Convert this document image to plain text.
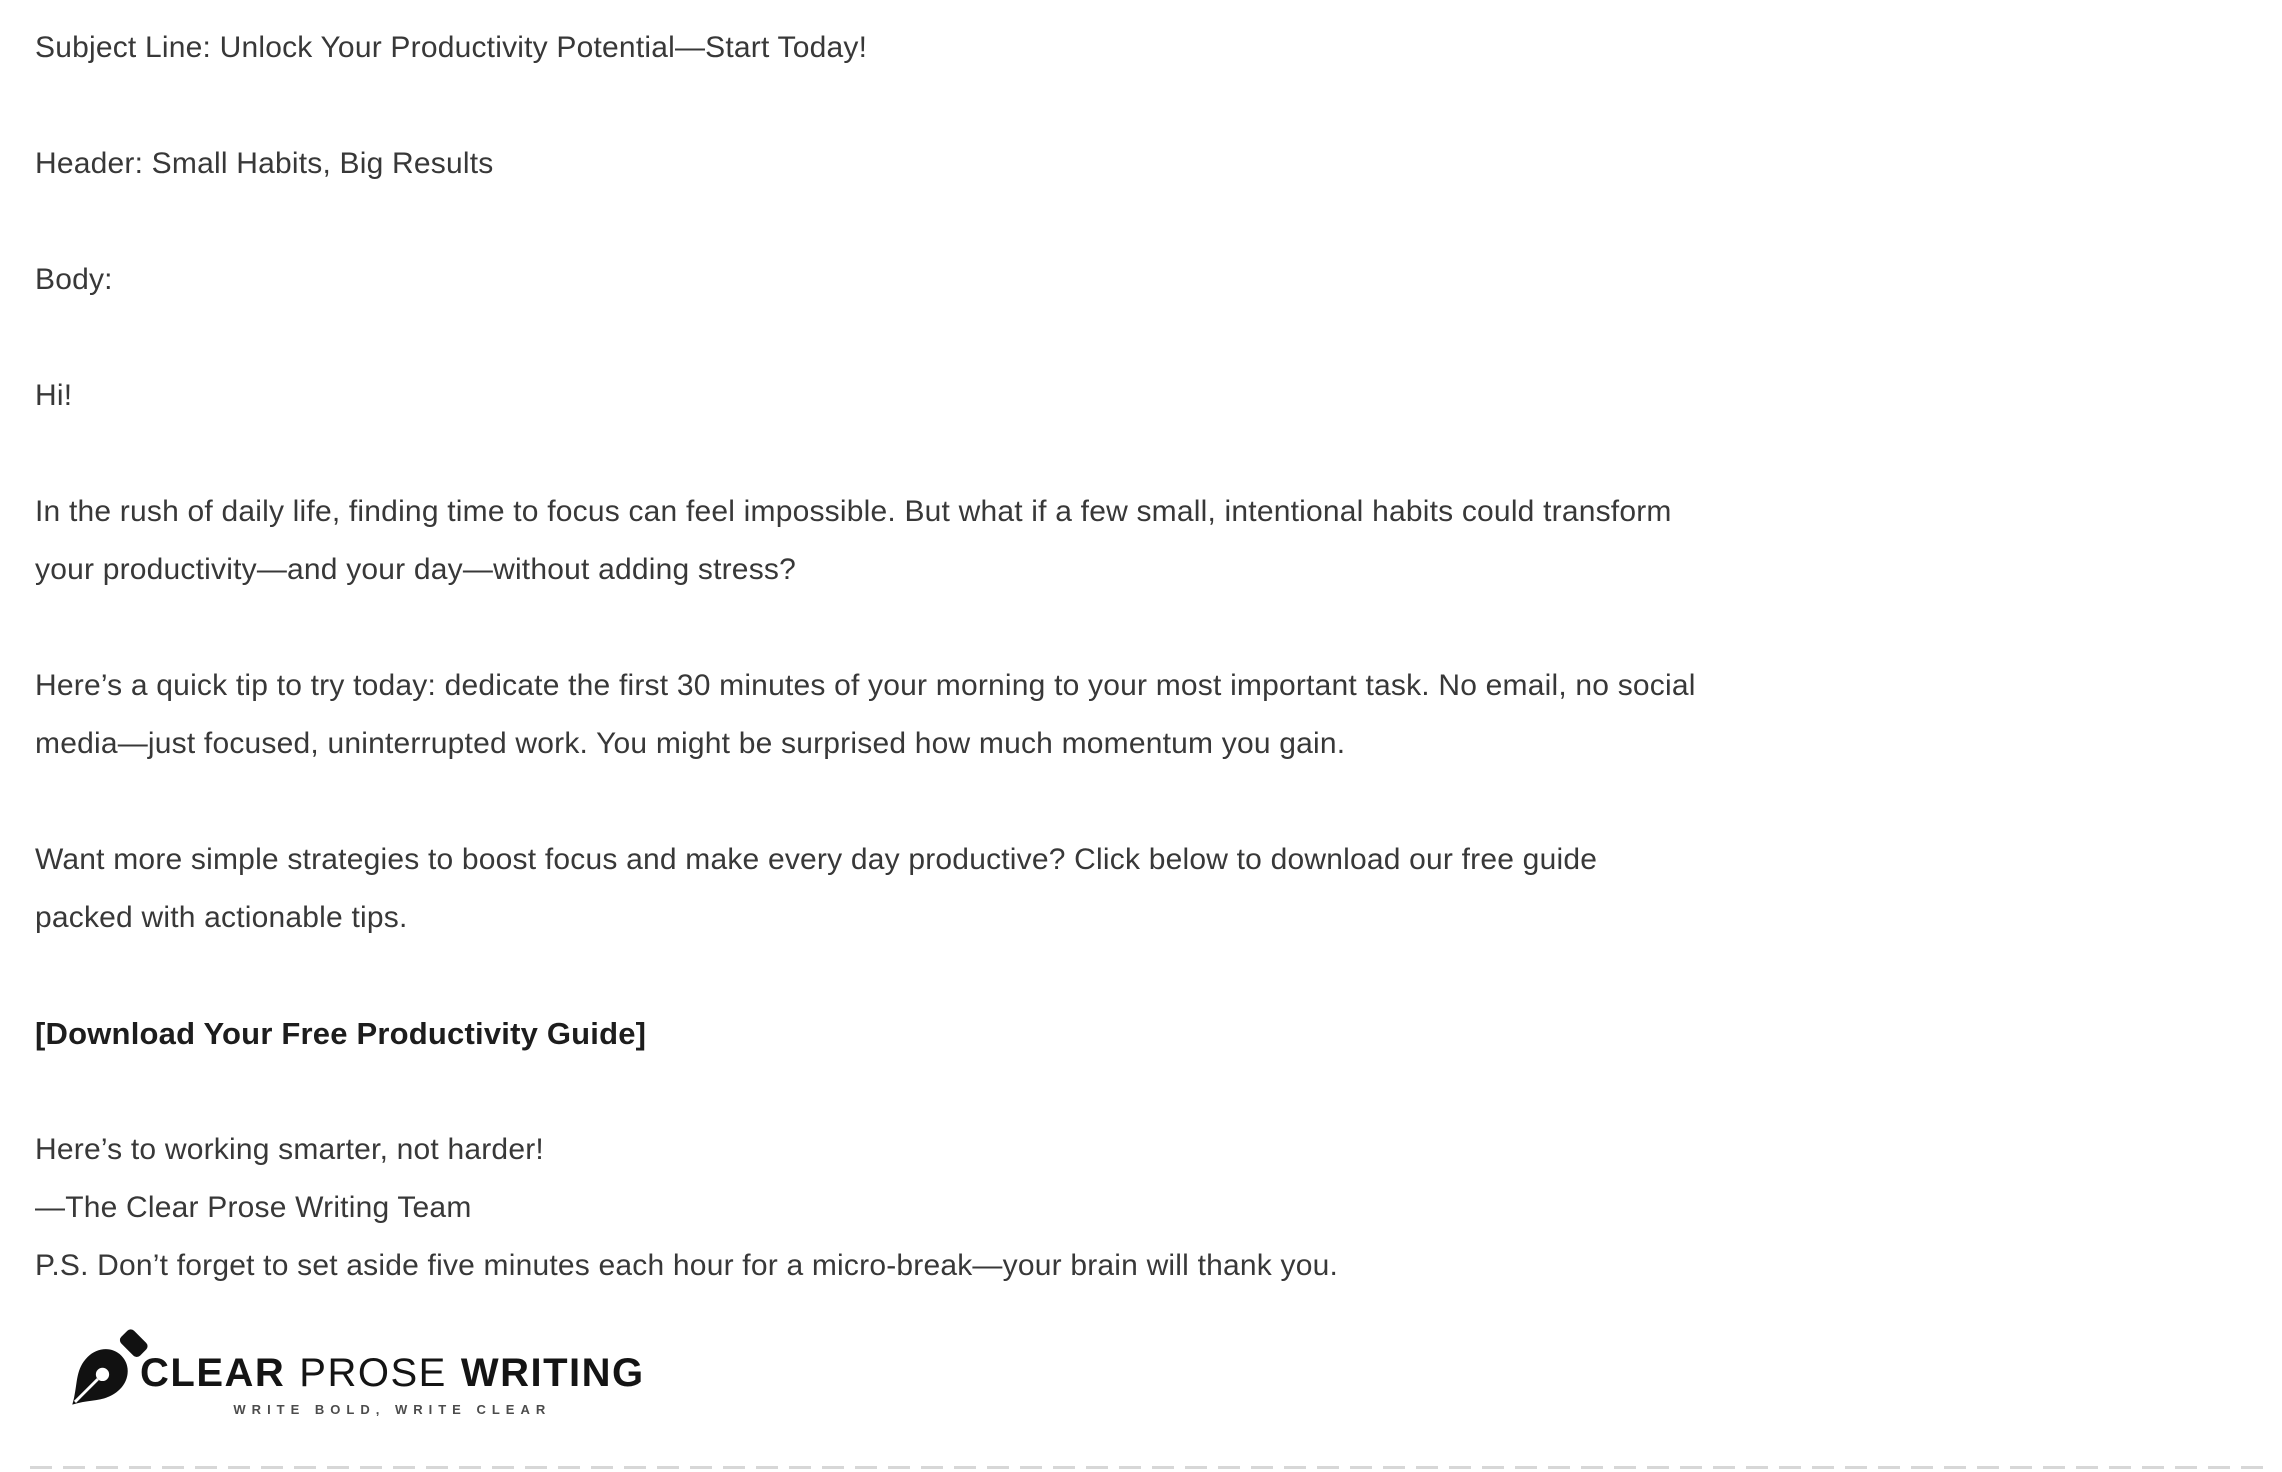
Subject Line: Unlock Your Productivity Potential—Start Today!
Header: Small Habits, Big Results
Body:
Hi!
In the rush of daily life, finding time to focus can feel impossible. But what if a few small, intentional habits could transform
your productivity—and your day—without adding stress?
Here’s a quick tip to try today: dedicate the first 30 minutes of your morning to your most important task. No email, no social
media—just focused, uninterrupted work. You might be surprised how much momentum you gain.
Want more simple strategies to boost focus and make every day productive? Click below to download our free guide
packed with actionable tips.
[Download Your Free Productivity Guide]
Here’s to working smarter, not harder!
—The Clear Prose Writing Team
P.S. Don’t forget to set aside five minutes each hour for a micro-break—your brain will thank you.
CLEAR PROSE WRITING
WRITE BOLD, WRITE CLEAR
